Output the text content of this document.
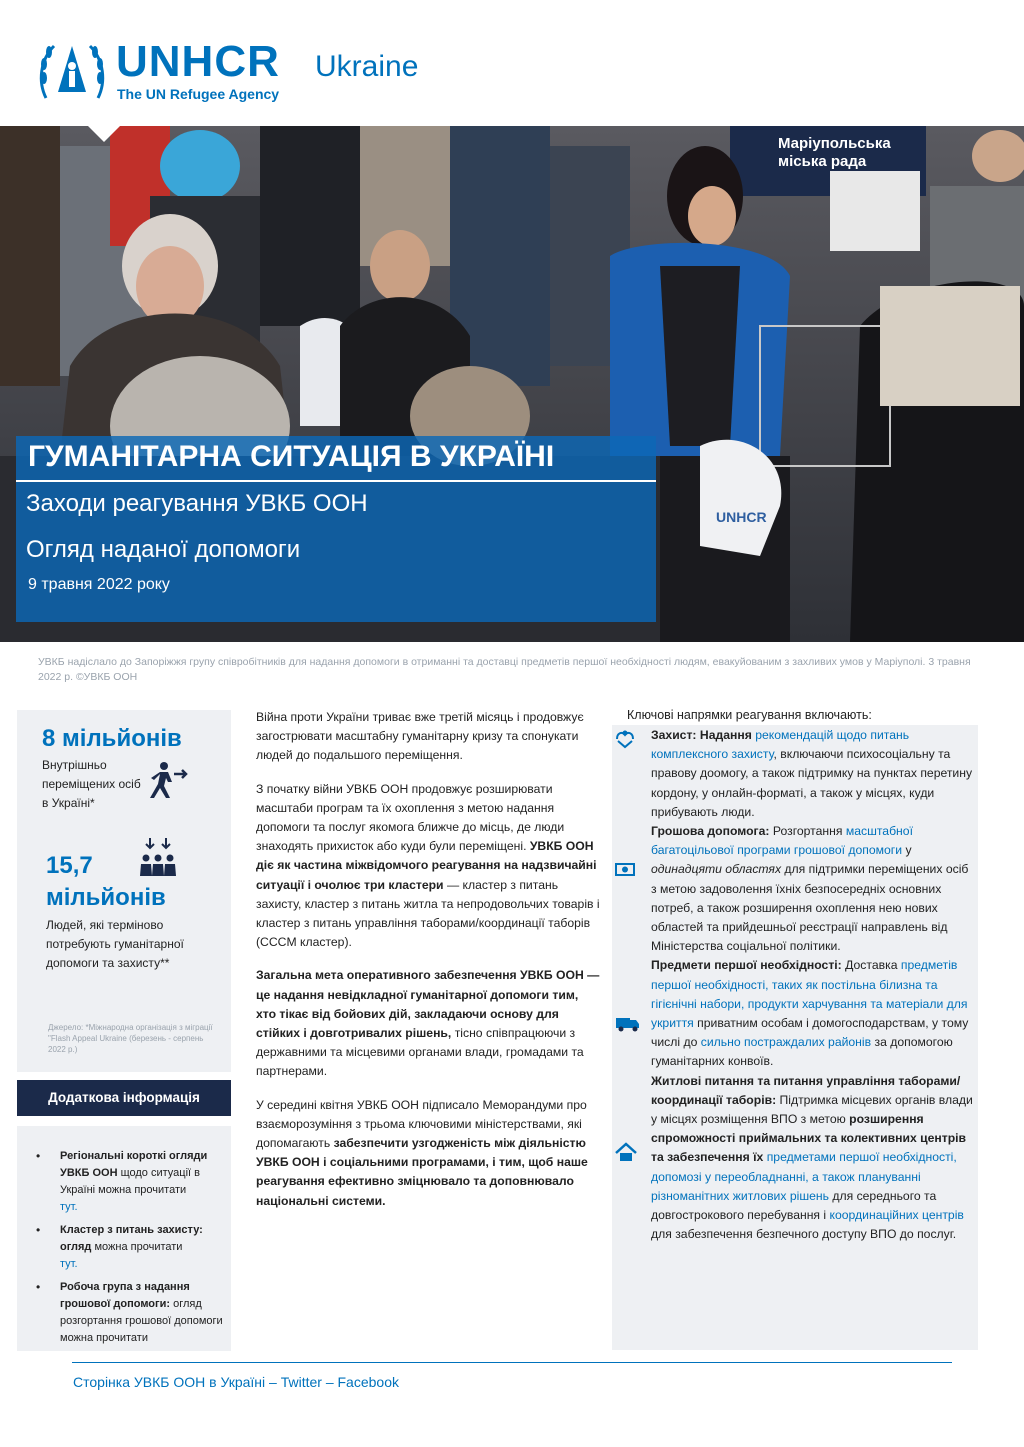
UNHCR
The UN Refugee Agency
Ukraine
Маріупольська
міська рада
UNHCR
ГУМАНІТАРНА СИТУАЦІЯ В УКРАЇНІ
Заходи реагування УВКБ ООН
Огляд наданої допомоги
9 травня 2022 року
УВКБ надіслало до Запоріжжя групу співробітників для надання допомоги в отриманні та доставці предметів першої необхідності людям, евакуйованим з захливих умов у Маріуполі. 3 травня 2022 р. ©УВКБ ООН
8 мільйонів
Внутрішньо переміщених осіб в Україні*
15,7 мільйонів
Людей, які терміново потребують гуманітарної допомоги та захисту**
Джерело: *Міжнародна організація з міграції "Flash Appeal Ukraine (березень - серпень 2022 р.)
Додаткова інформація
• Регіональні короткі огляди УВКБ ООН щодо ситуації в Україні можна прочитати
тут.
• Кластер з питань захисту: огляд можна прочитати
тут.
• Робоча група з надання грошової допомоги: огляд розгортання грошової допомоги можна прочитати

Війна проти України триває вже третій місяць і продовжує загострювати масштабну гуманітарну кризу та спонукати людей до подальшого переміщення.

З початку війни УВКБ ООН продовжує розширювати масштаби програм та їх охоплення з метою надання допомоги та послуг якомога ближче до місць, де люди знаходять прихисток або куди були переміщені. УВКБ ООН діє як частина міжвідомчого реагування на надзвичайні ситуації і очолює три кластери — кластер з питань захисту, кластер з питань житла та непродовольчих товарів і кластер з питань управління таборами/координації таборів (CCCM кластер).

Загальна мета оперативного забезпечення УВКБ ООН — це надання невідкладної гуманітарної допомоги тим, хто тікає від бойових дій, закладаючи основу для стійких і довготривалих рішень, тісно співпрацюючи з державними та місцевими органами влади, громадами та партнерами.

У середині квітня УВКБ ООН підписало Меморандуми про взаєморозуміння з трьома ключовими міністерствами, які допомагають забезпечити узгодженість між діяльністю УВКБ ООН і соціальними програмами, і тим, щоб наше реагування ефективно зміцнювало та доповнювало національні системи.

Ключові напрямки реагування включають:
Захист: Надання рекомендацій щодо питань комплексного захисту, включаючи психосоціальну та правову доомогу, а також підтримку на пунктах перетину кордону, у онлайн-форматі, а також у місцях, куди прибувають люди.
Грошова допомога: Розгортання масштабної багатоцільової програми грошової допомоги у одинадцяти областях для підтримки переміщених осіб з метою задоволення їхніх безпосередніх основних потреб, а також розширення охоплення нею нових областей та прийдешньої реєстрації направлень від Міністерства соціальної політики.
Предмети першої необхідності: Доставка предметів першої необхідності, таких як постільна білизна та гігієнічні набори, продукти харчування та матеріали для укриття приватним особам і домогосподарствам, у тому числі до сильно постраждалих районів за допомогою гуманітарних конвоїв.
Житлові питання та питання управління таборами/координації таборів: Підтримка місцевих органів влади у місцях розміщення ВПО з метою розширення спроможності приймальних та колективних центрів та забезпечення їх предметами першої необхідності, допомозі у переобладнанні, а також плануванні різноманітних житлових рішень для середнього та довгострокового перебування і координаційних центрів для забезпечення безпечного доступу ВПО до послуг.
Сторінка УВКБ ООН в Україні – Twitter – Facebook
